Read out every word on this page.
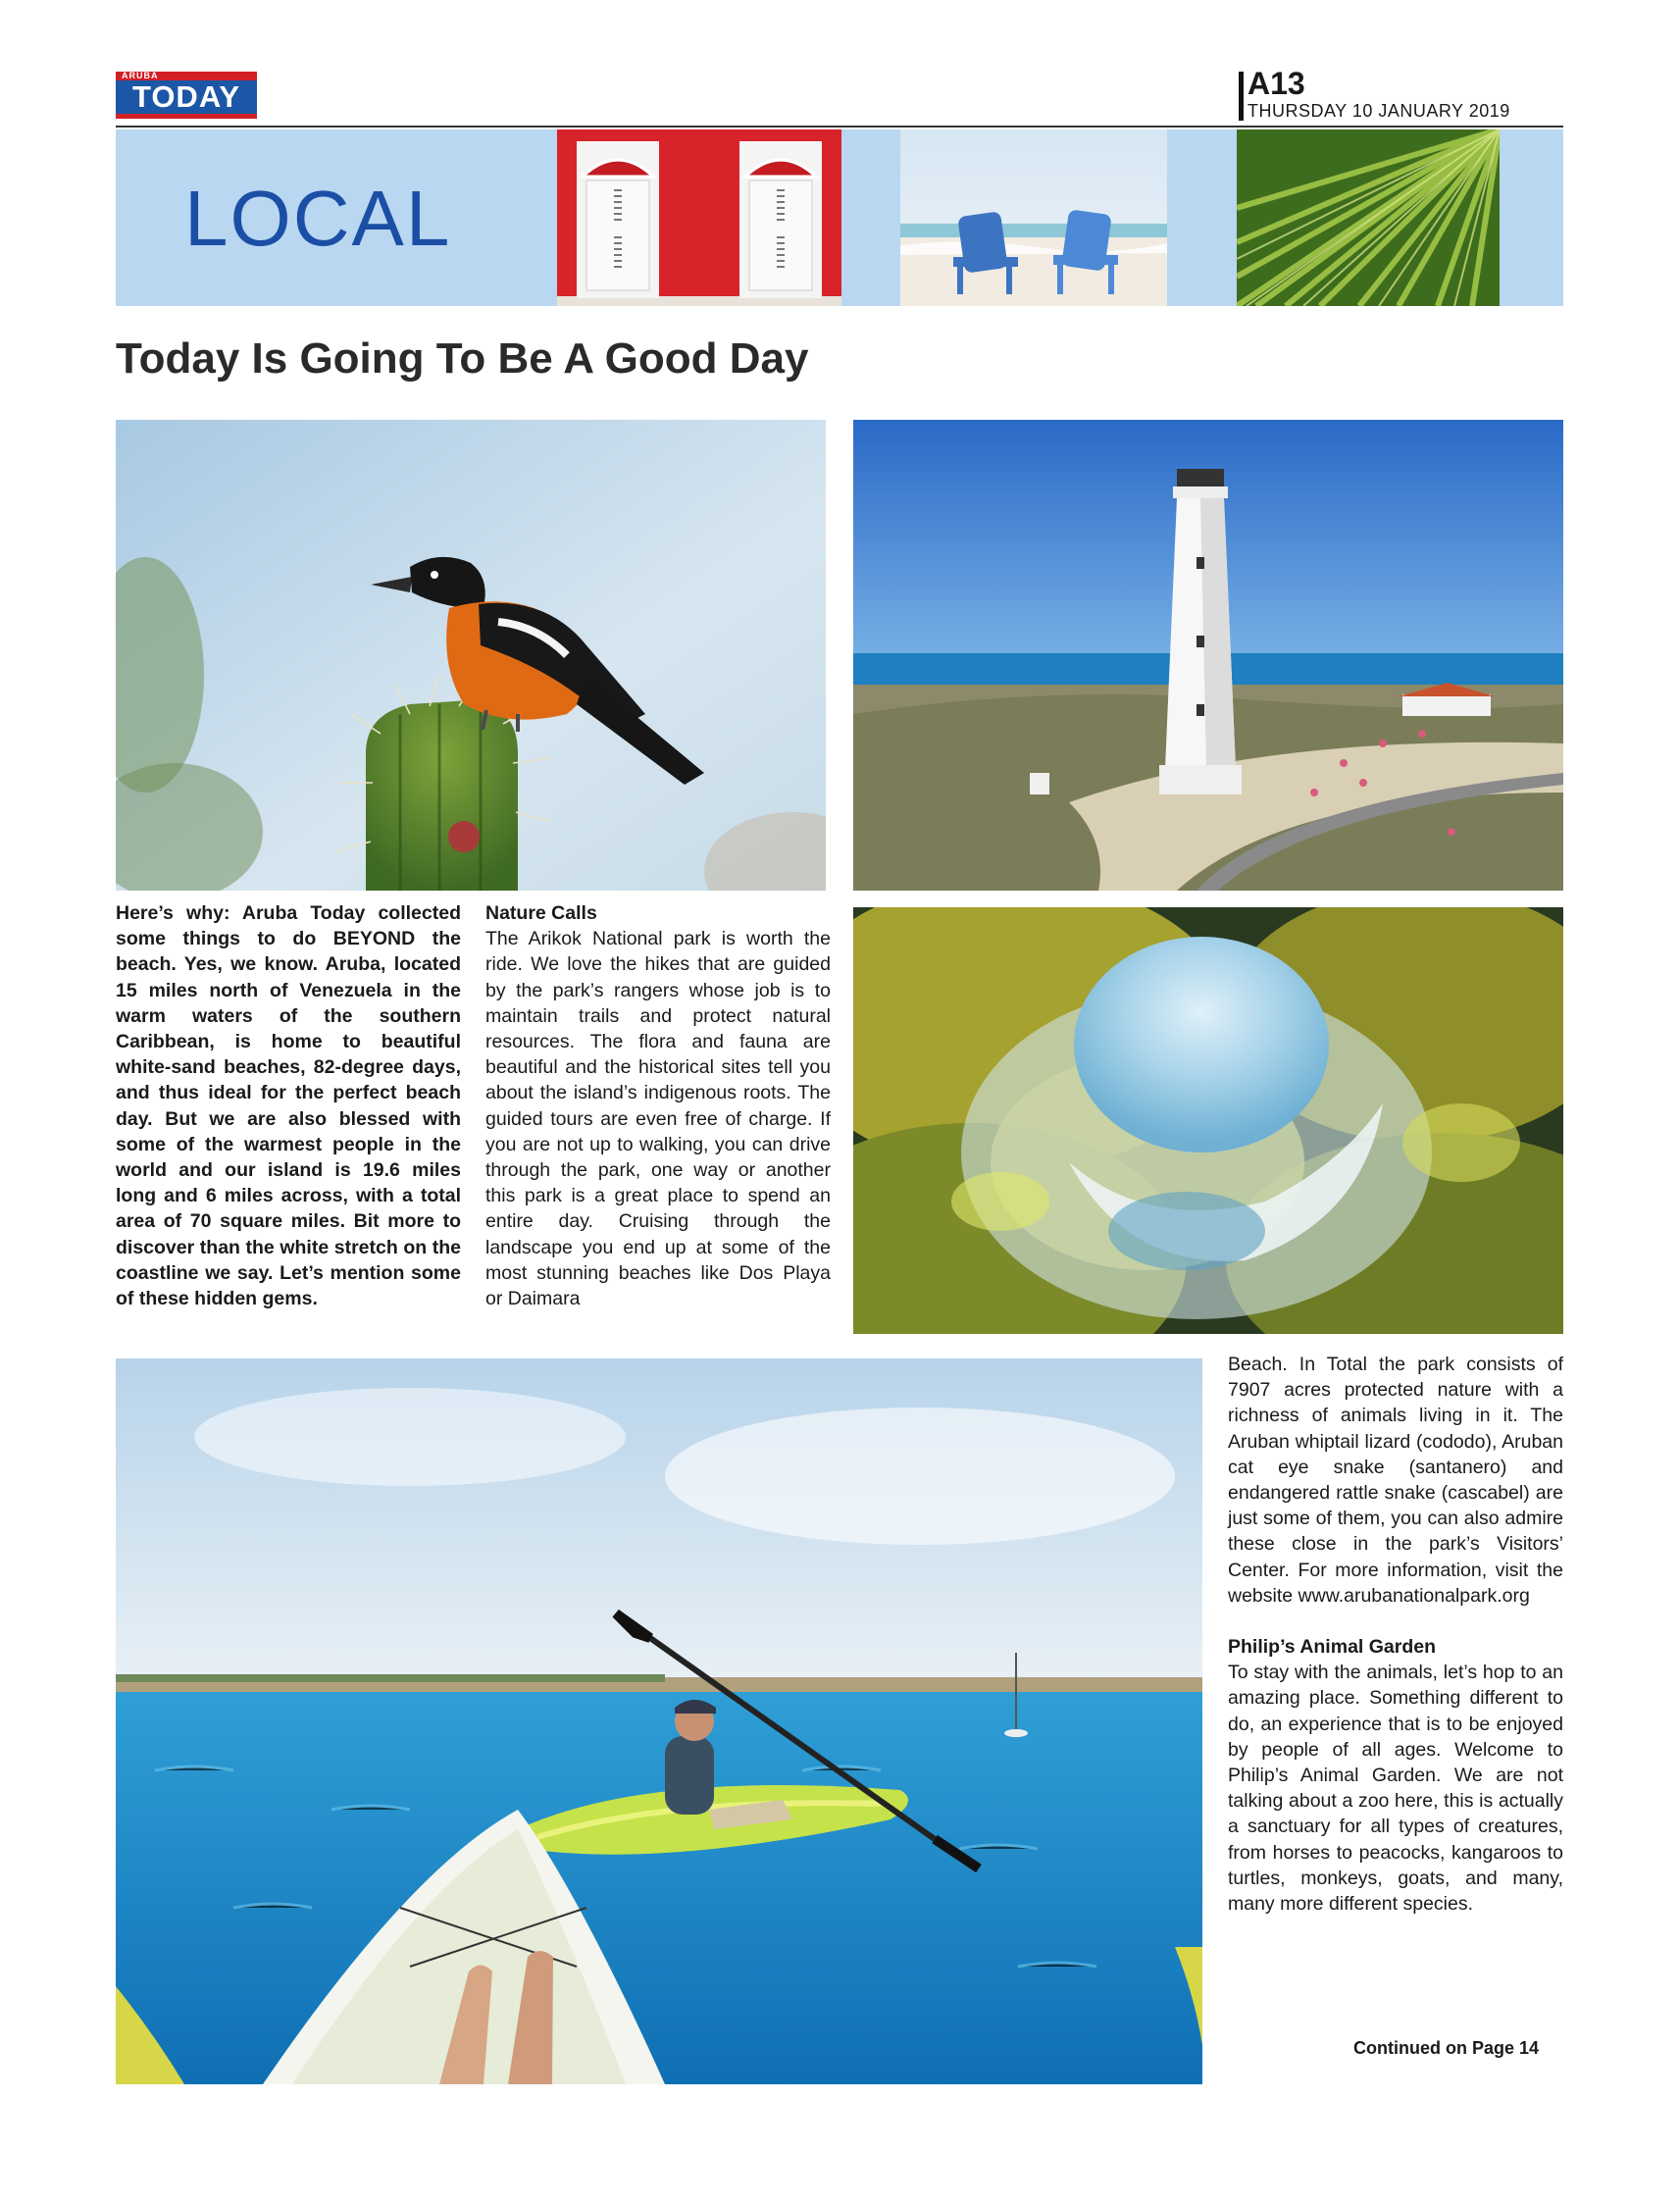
ARUBA
TODAY	A13
THURSDAY 10 JANUARY 2019
LOCAL
Today Is Going To Be A Good Day

Here’s why: Aruba Today collected some things to do BEYOND the beach. Yes, we know. Aruba, located 15 miles north of Venezuela in the warm waters of the southern Caribbean, is home to beautiful white-sand beaches, 82-degree days, and thus ideal for the perfect beach day. But we are also blessed with some of the warmest people in the world and our island is 19.6 miles long and 6 miles across, with a total area of 70 square miles. Bit more to discover than the white stretch on the coastline we say. Let’s mention some of these hidden gems.

Nature Calls

The Arikok National park is worth the ride. We love the hikes that are guided by the park’s rangers whose job is to maintain trails and protect natural resources. The flora and fauna are beautiful and the historical sites tell you about the island’s indigenous roots. The guided tours are even free of charge. If you are not up to walking, you can drive through the park, one way or another this park is a great place to spend an entire day. Cruising through the landscape you end up at some of the most stunning beaches like Dos Playa or Daimara

Beach. In Total the park consists of 7907 acres protected nature with a richness of animals living in it. The Aruban whiptail lizard (cododo), Aruban cat eye snake (santanero) and endangered rattle snake (cascabel) are just some of them, you can also admire these close in the park’s Visitors’ Center. For more information, visit the website www.arubanationalpark.org

Philip’s Animal Garden

To stay with the animals, let’s hop to an amazing place. Something different to do, an experience that is to be enjoyed by people of all ages. Welcome to Philip’s Animal Garden. We are not talking about a zoo here, this is actually a sanctuary for all types of creatures, from horses to peacocks, kangaroos to turtles, monkeys, goats, and many, many more different species.

Continued on Page 14
